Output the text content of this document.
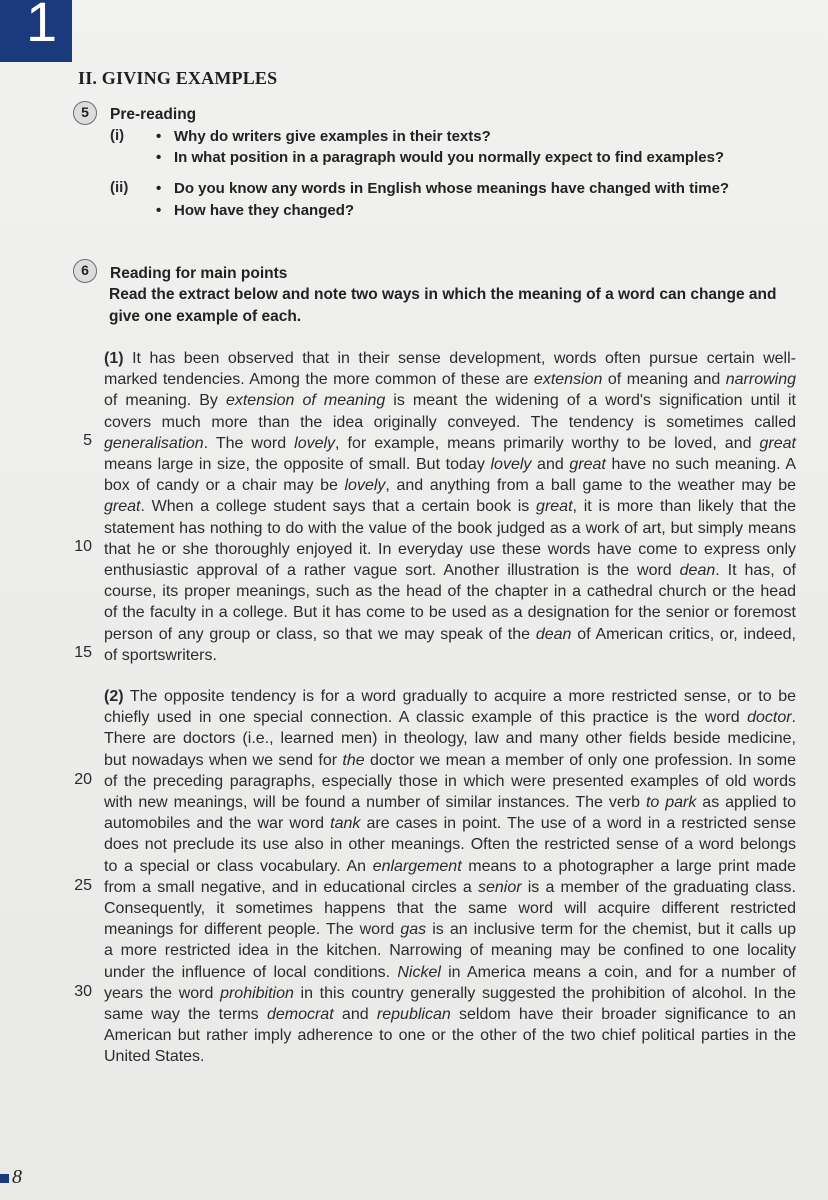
1
II. GIVING EXAMPLES
5	Pre-reading
(i) • Why do writers give examples in their texts?
• In what position in a paragraph would you normally expect to find examples?
(ii) • Do you know any words in English whose meanings have changed with time?
• How have they changed?
6	Reading for main points
Read the extract below and note two ways in which the meaning of a word can change and give one example of each.
(1) It has been observed that in their sense development, words often pursue certain well-
marked tendencies. Among the more common of these are extension of meaning and narrowing
of meaning. By extension of meaning is meant the widening of a word's signification until it
covers much more than the idea originally conveyed. The tendency is sometimes called
generalisation. The word lovely, for example, means primarily worthy to be loved, and great
means large in size, the opposite of small. But today lovely and great have no such meaning. A
box of candy or a chair may be lovely, and anything from a ball game to the weather may be
great. When a college student says that a certain book is great, it is more than likely that the
statement has nothing to do with the value of the book judged as a work of art, but simply means
that he or she thoroughly enjoyed it. In everyday use these words have come to express only
enthusiastic approval of a rather vague sort. Another illustration is the word dean. It has, of
course, its proper meanings, such as the head of the chapter in a cathedral church or the head
of the faculty in a college. But it has come to be used as a designation for the senior or foremost
person of any group or class, so that we may speak of the dean of American critics, or, indeed,
of sportswriters.
(2) The opposite tendency is for a word gradually to acquire a more restricted sense, or to be
chiefly used in one special connection. A classic example of this practice is the word doctor.
There are doctors (i.e., learned men) in theology, law and many other fields beside medicine,
but nowadays when we send for the doctor we mean a member of only one profession. In some
of the preceding paragraphs, especially those in which were presented examples of old words
with new meanings, will be found a number of similar instances. The verb to park as applied to
automobiles and the war word tank are cases in point. The use of a word in a restricted sense
does not preclude its use also in other meanings. Often the restricted sense of a word belongs
to a special or class vocabulary. An enlargement means to a photographer a large print made
from a small negative, and in educational circles a senior is a member of the graduating class.
Consequently, it sometimes happens that the same word will acquire different restricted
meanings for different people. The word gas is an inclusive term for the chemist, but it calls up
a more restricted idea in the kitchen. Narrowing of meaning may be confined to one locality
under the influence of local conditions. Nickel in America means a coin, and for a number of
years the word prohibition in this country generally suggested the prohibition of alcohol. In the
same way the terms democrat and republican seldom have their broader significance to an
American but rather imply adherence to one or the other of the two chief political parties in the
United States.
5
10
15
20
25
30
8
